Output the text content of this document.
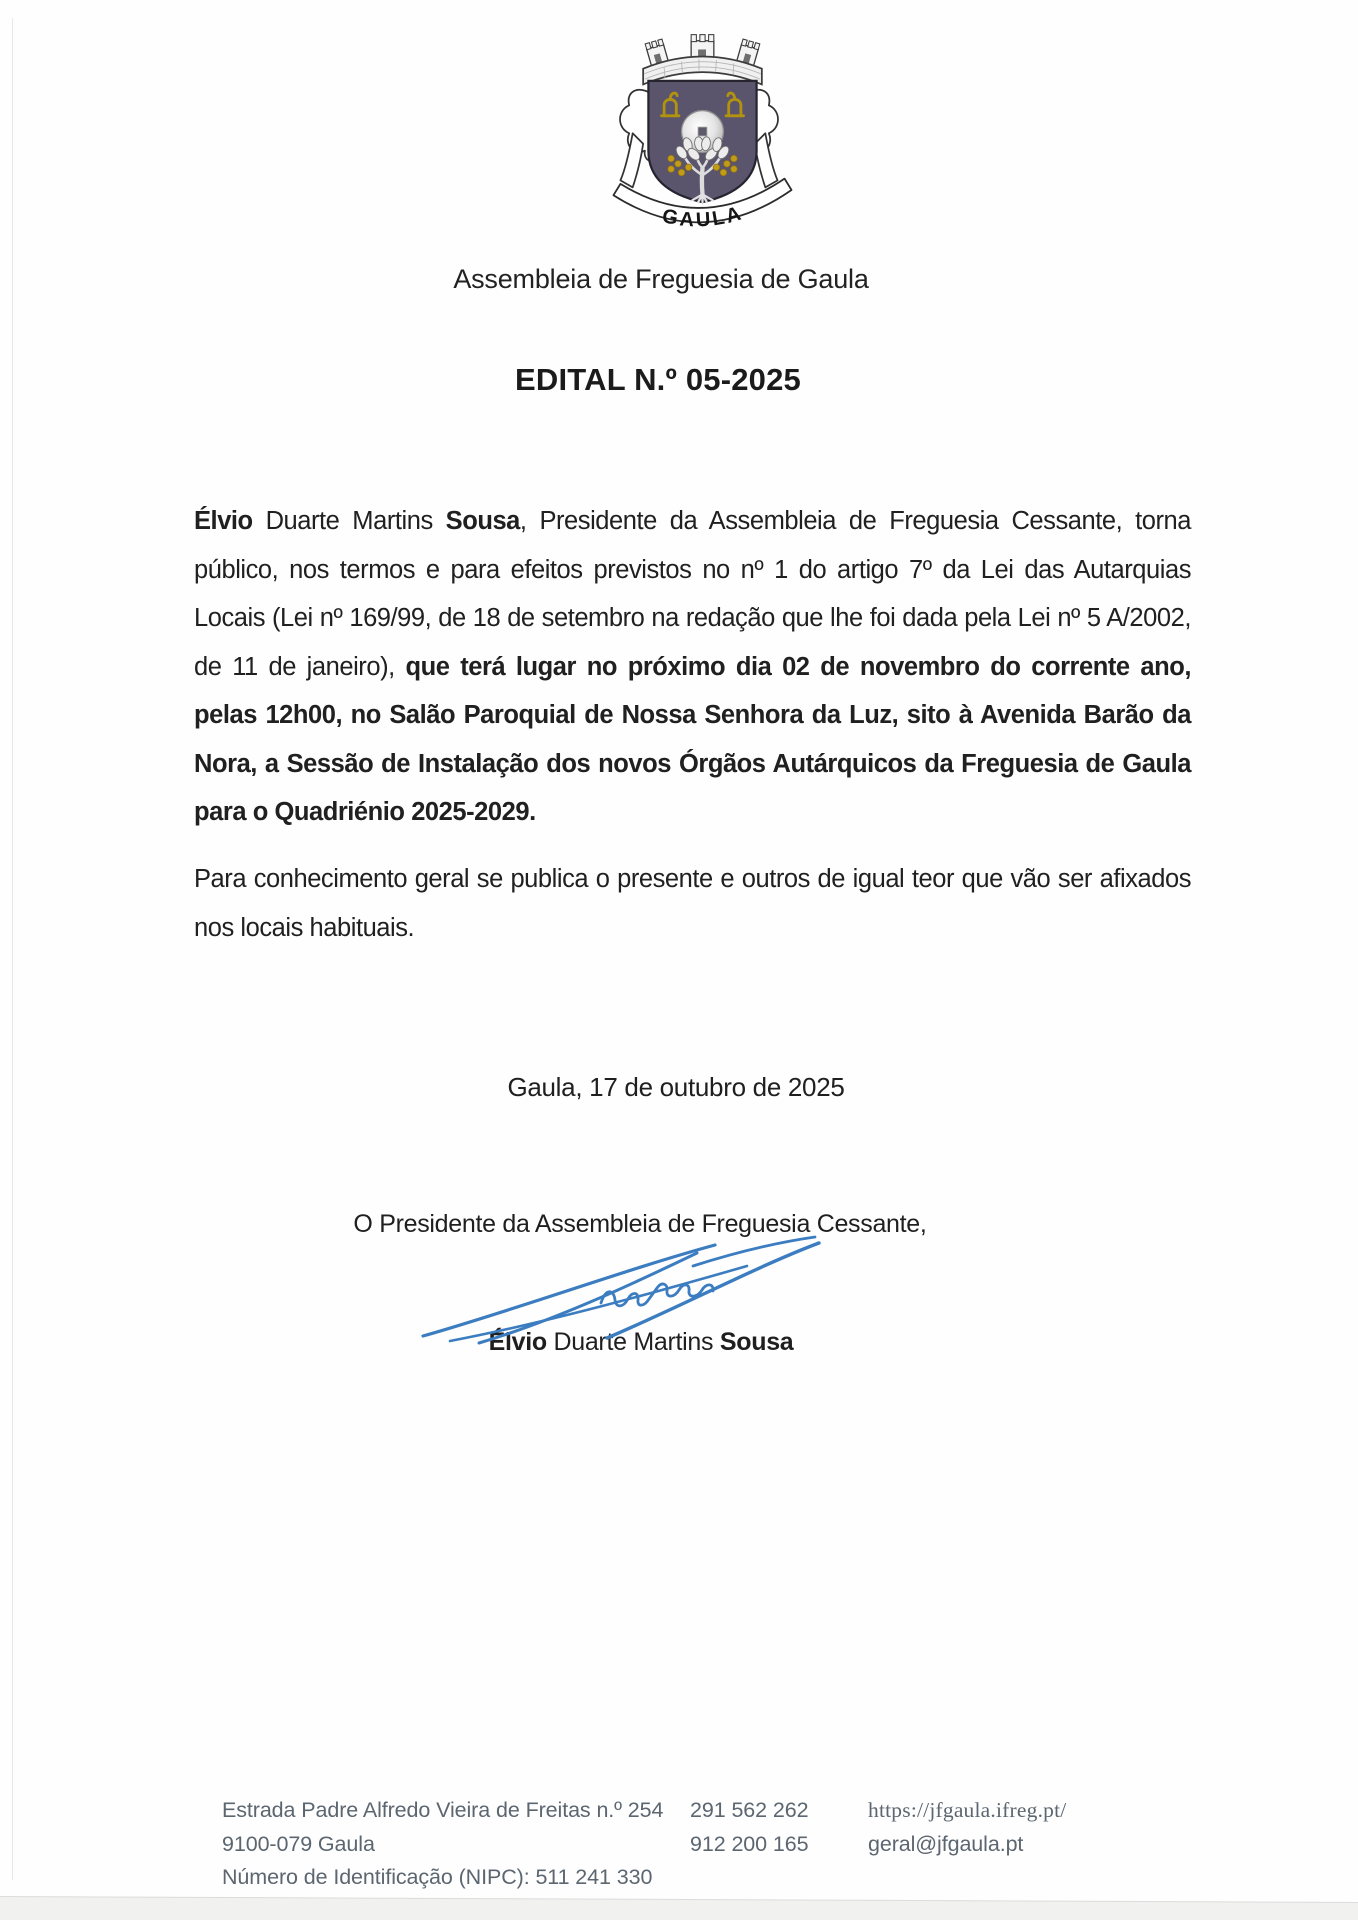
GAULA
Assembleia de Freguesia de Gaula
EDITAL N.º 05-2025

Élvio Duarte Martins Sousa, Presidente da Assembleia de Freguesia Cessante, torna público, nos termos e para efeitos previstos no nº 1 do artigo 7º da Lei das Autarquias Locais (Lei nº 169/99, de 18 de setembro na redação que lhe foi dada pela Lei nº 5 A/2002, de 11 de janeiro), que terá lugar no próximo dia 02 de novembro do corrente ano, pelas 12h00, no Salão Paroquial de Nossa Senhora da Luz, sito à Avenida Barão da Nora, a Sessão de Instalação dos novos Órgãos Autárquicos da Freguesia de Gaula para o Quadriénio 2025-2029.

Para conhecimento geral se publica o presente e outros de igual teor que vão ser afixados nos locais habituais.

Gaula, 17 de outubro de 2025
O Presidente da Assembleia de Freguesia Cessante,
Élvio Duarte Martins Sousa
Estrada Padre Alfredo Vieira de Freitas n.º 254
9100-079 Gaula
Número de Identificação (NIPC): 511 241 330
291 562 262
912 200 165
https://jfgaula.ifreg.pt/
geral@jfgaula.pt
